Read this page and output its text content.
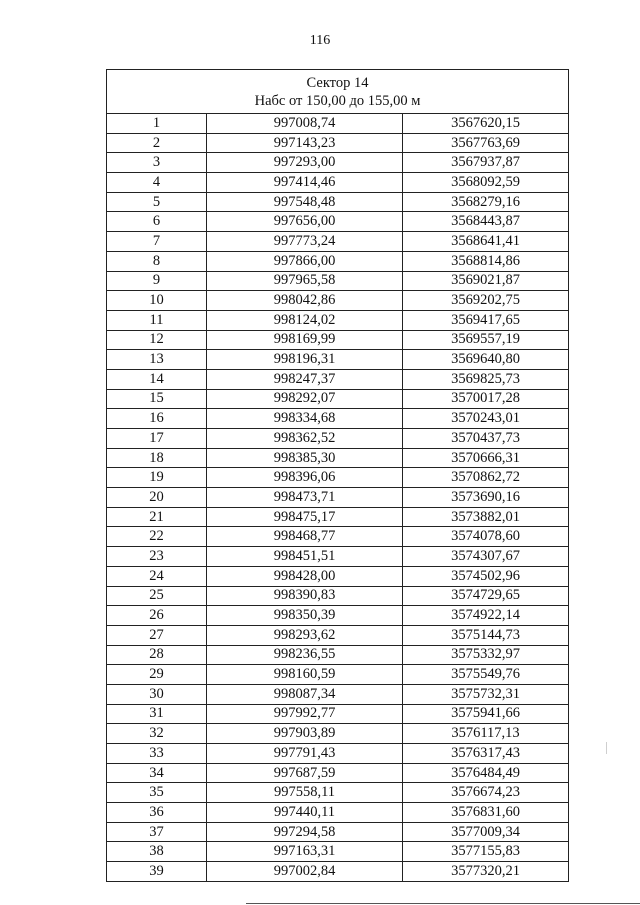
116
Сектор 14
Набс от 150,00 до 155,00 м		

1	997008,74	3567620,15
2	997143,23	3567763,69
3	997293,00	3567937,87
4	997414,46	3568092,59
5	997548,48	3568279,16
6	997656,00	3568443,87
7	997773,24	3568641,41
8	997866,00	3568814,86
9	997965,58	3569021,87
10	998042,86	3569202,75
11	998124,02	3569417,65
12	998169,99	3569557,19
13	998196,31	3569640,80
14	998247,37	3569825,73
15	998292,07	3570017,28
16	998334,68	3570243,01
17	998362,52	3570437,73
18	998385,30	3570666,31
19	998396,06	3570862,72
20	998473,71	3573690,16
21	998475,17	3573882,01
22	998468,77	3574078,60
23	998451,51	3574307,67
24	998428,00	3574502,96
25	998390,83	3574729,65
26	998350,39	3574922,14
27	998293,62	3575144,73
28	998236,55	3575332,97
29	998160,59	3575549,76
30	998087,34	3575732,31
31	997992,77	3575941,66
32	997903,89	3576117,13
33	997791,43	3576317,43
34	997687,59	3576484,49
35	997558,11	3576674,23
36	997440,11	3576831,60
37	997294,58	3577009,34
38	997163,31	3577155,83
39	997002,84	3577320,21
